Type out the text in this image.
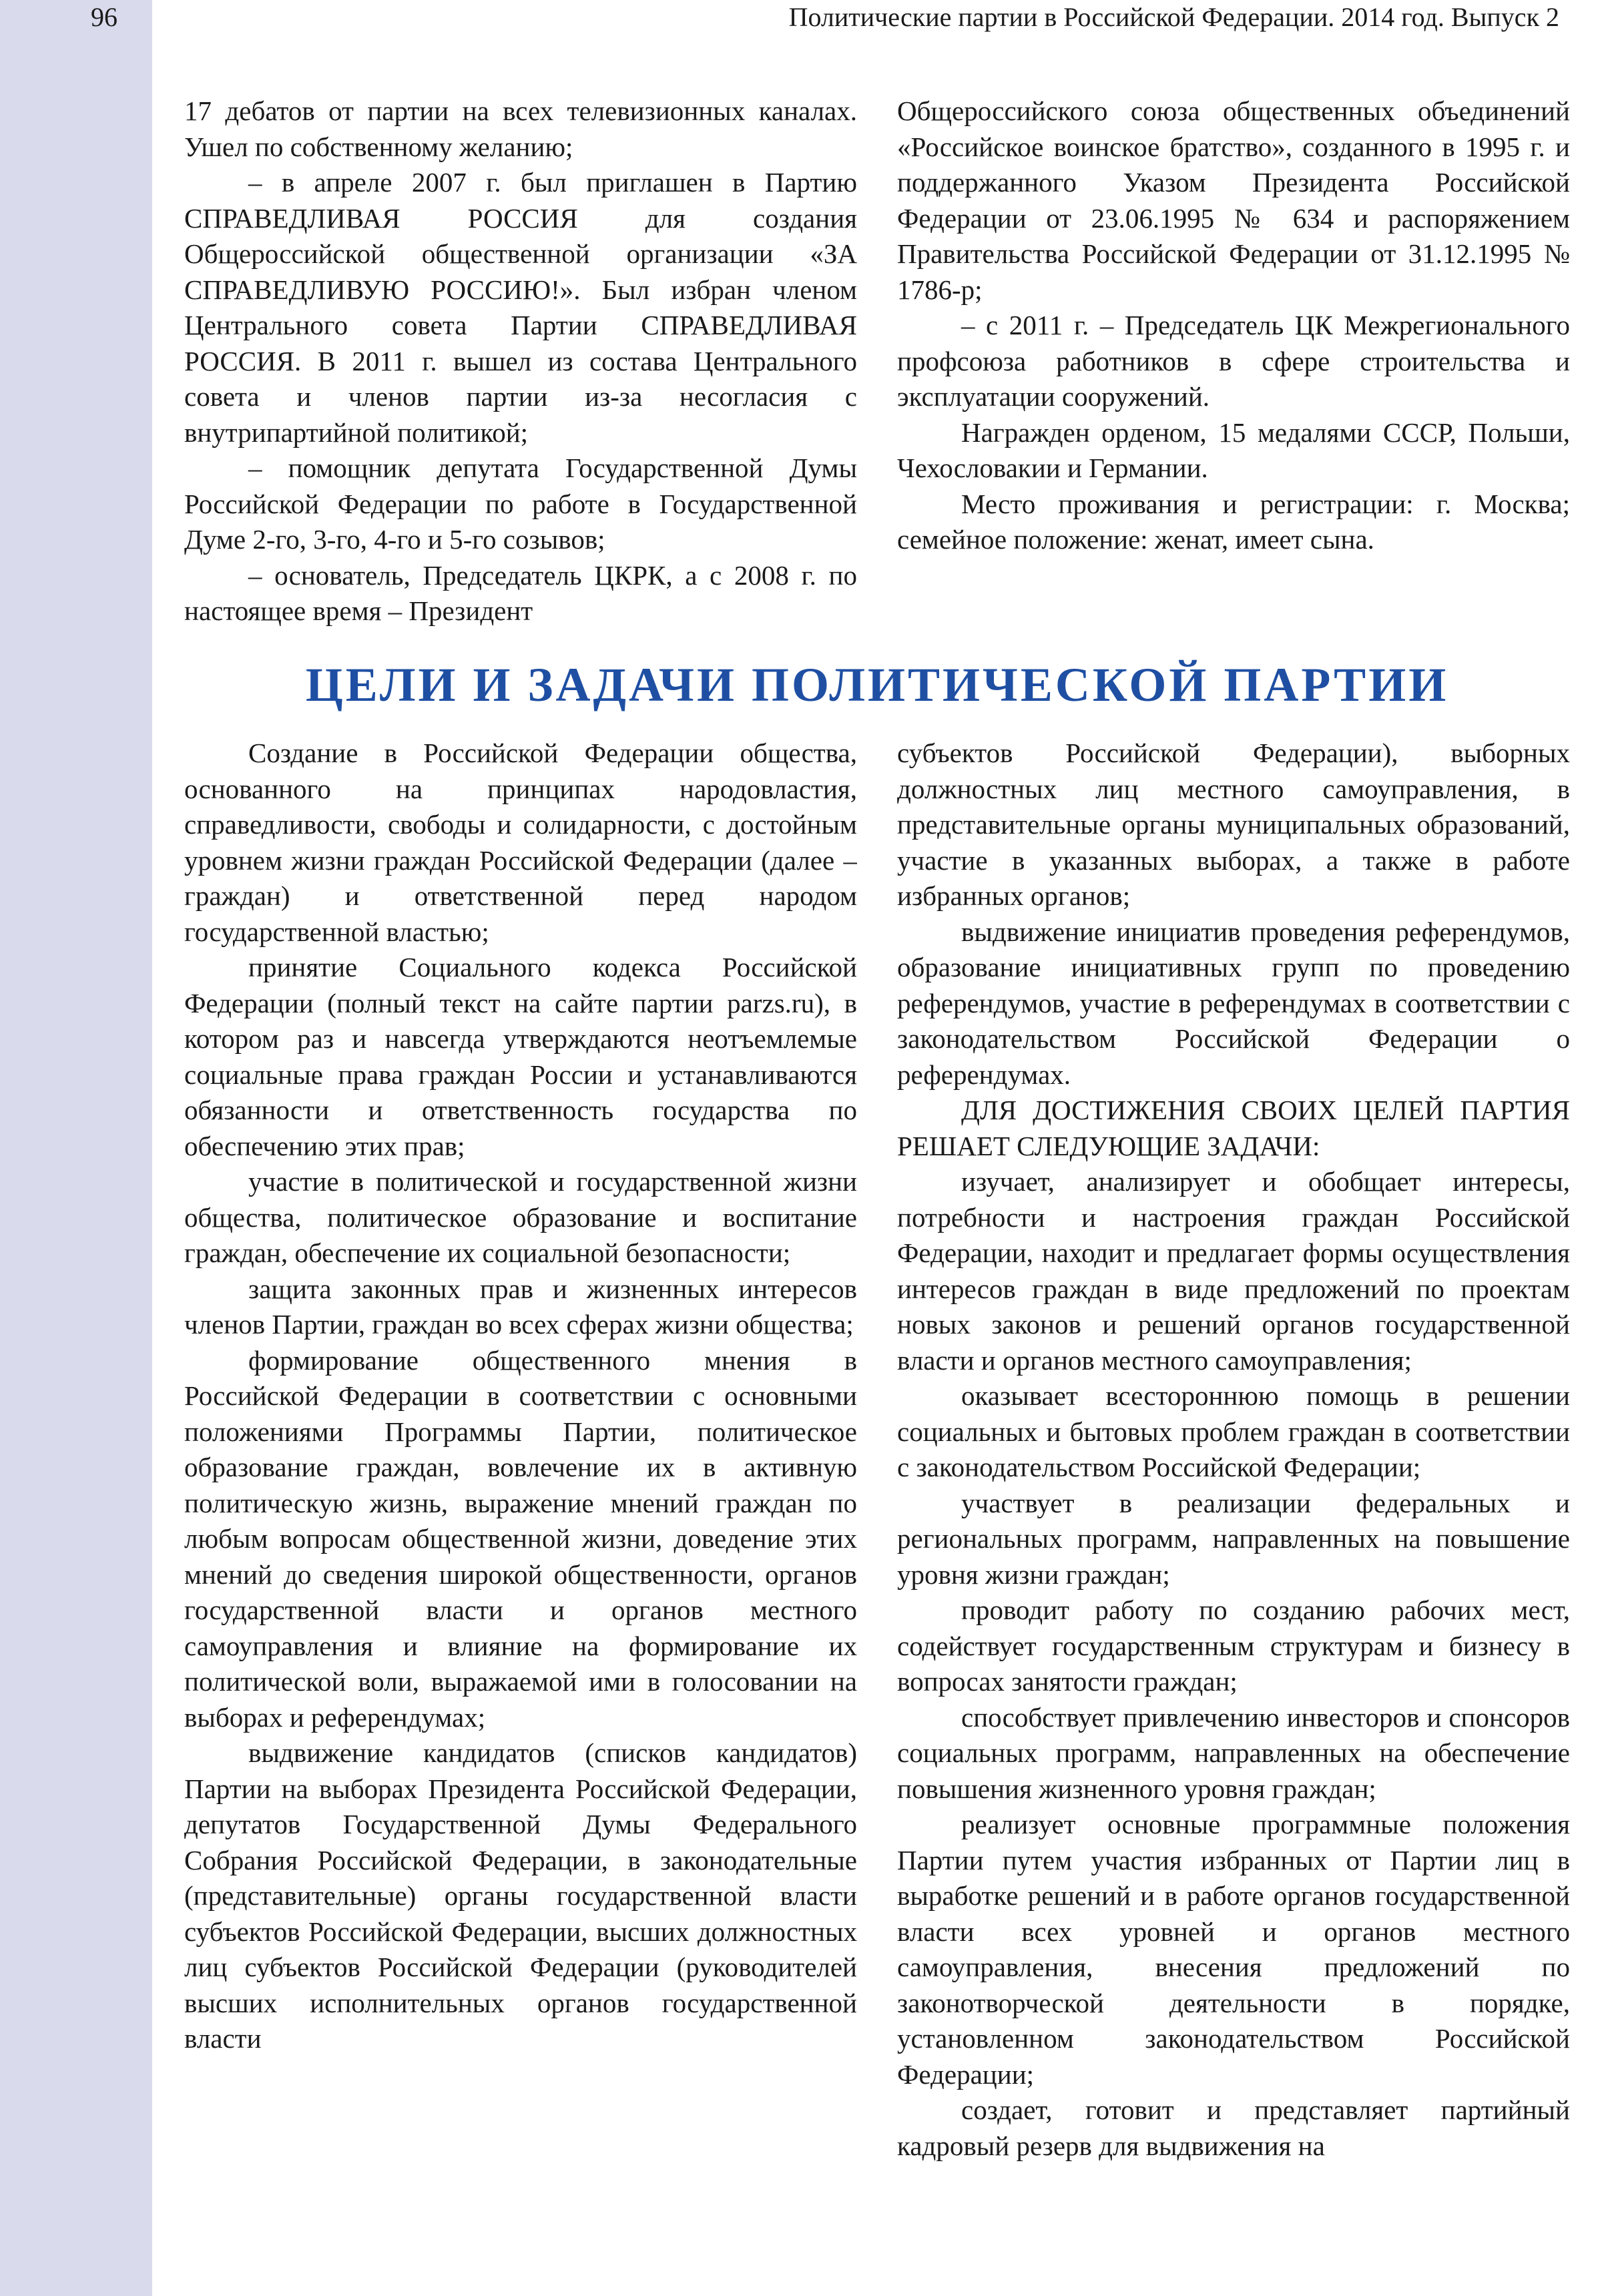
96	Политические партии в Российской Федерации. 2014 год. Выпуск 2

17 дебатов от партии на всех телевизионных каналах. Ушел по собственному желанию;

– в апреле 2007 г. был приглашен в Партию СПРАВЕДЛИВАЯ РОССИЯ для создания Общероссийской общественной организации «ЗА СПРАВЕДЛИВУЮ РОССИЮ!». Был избран членом Центрального совета Партии СПРАВЕДЛИВАЯ РОССИЯ. В 2011 г. вышел из состава Центрального совета и членов партии из-за несогласия с внутрипартийной политикой;

– помощник депутата Государственной Думы Российской Федерации по работе в Государственной Думе 2-го, 3-го, 4-го и 5-го созывов;

– основатель, Председатель ЦКРК, а с 2008 г. по настоящее время – Президент

Общероссийского союза общественных объединений «Российское воинское братство», созданного в 1995 г. и поддержанного Указом Президента Российской Федерации от 23.06.1995 № 634 и распоряжением Правительства Российской Федерации от 31.12.1995 № 1786-р;

– с 2011 г. – Председатель ЦК Межрегионального профсоюза работников в сфере строительства и эксплуатации сооружений.

Награжден орденом, 15 медалями СССР, Польши, Чехословакии и Германии.

Место проживания и регистрации: г. Москва; семейное положение: женат, имеет сына.

ЦЕЛИ И ЗАДАЧИ ПОЛИТИЧЕСКОЙ ПАРТИИ

Создание в Российской Федерации общества, основанного на принципах народовластия, справедливости, свободы и солидарности, с достойным уровнем жизни граждан Российской Федерации (далее – граждан) и ответственной перед народом государственной властью;

принятие Социального кодекса Российской Федерации (полный текст на сайте партии parzs.ru), в котором раз и навсегда утверждаются неотъемлемые социальные права граждан России и устанавливаются обязанности и ответственность государства по обеспечению этих прав;

участие в политической и государственной жизни общества, политическое образование и воспитание граждан, обеспечение их социальной безопасности;

защита законных прав и жизненных интересов членов Партии, граждан во всех сферах жизни общества;

формирование общественного мнения в Российской Федерации в соответствии с основными положениями Программы Партии, политическое образование граждан, вовлечение их в активную политическую жизнь, выражение мнений граждан по любым вопросам общественной жизни, доведение этих мнений до сведения широкой общественности, органов государственной власти и органов местного самоуправления и влияние на формирование их политической воли, выражаемой ими в голосовании на выборах и референдумах;

выдвижение кандидатов (списков кандидатов) Партии на выборах Президента Российской Федерации, депутатов Государственной Думы Федерального Собрания Российской Федерации, в законодательные (представительные) органы государственной власти субъектов Российской Федерации, высших должностных лиц субъектов Российской Федерации (руководителей высших исполнительных органов государственной власти

субъектов Российской Федерации), выборных должностных лиц местного самоуправления, в представительные органы муниципальных образований, участие в указанных выборах, а также в работе избранных органов;

выдвижение инициатив проведения референдумов, образование инициативных групп по проведению референдумов, участие в референдумах в соответствии с законодательством Российской Федерации о референдумах.

ДЛЯ ДОСТИЖЕНИЯ СВОИХ ЦЕЛЕЙ ПАРТИЯ РЕШАЕТ СЛЕДУЮЩИЕ ЗАДАЧИ:

изучает, анализирует и обобщает интересы, потребности и настроения граждан Российской Федерации, находит и предлагает формы осуществления интересов граждан в виде предложений по проектам новых законов и решений органов государственной власти и органов местного самоуправления;

оказывает всестороннюю помощь в решении социальных и бытовых проблем граждан в соответствии с законодательством Российской Федерации;

участвует в реализации федеральных и региональных программ, направленных на повышение уровня жизни граждан;

проводит работу по созданию рабочих мест, содействует государственным структурам и бизнесу в вопросах занятости граждан;

способствует привлечению инвесторов и спонсоров социальных программ, направленных на обеспечение повышения жизненного уровня граждан;

реализует основные программные положения Партии путем участия избранных от Партии лиц в выработке решений и в работе органов государственной власти всех уровней и органов местного самоуправления, внесения предложений по законотворческой деятельности в порядке, установленном законодательством Российской Федерации;

создает, готовит и представляет партийный кадровый резерв для выдвижения на
